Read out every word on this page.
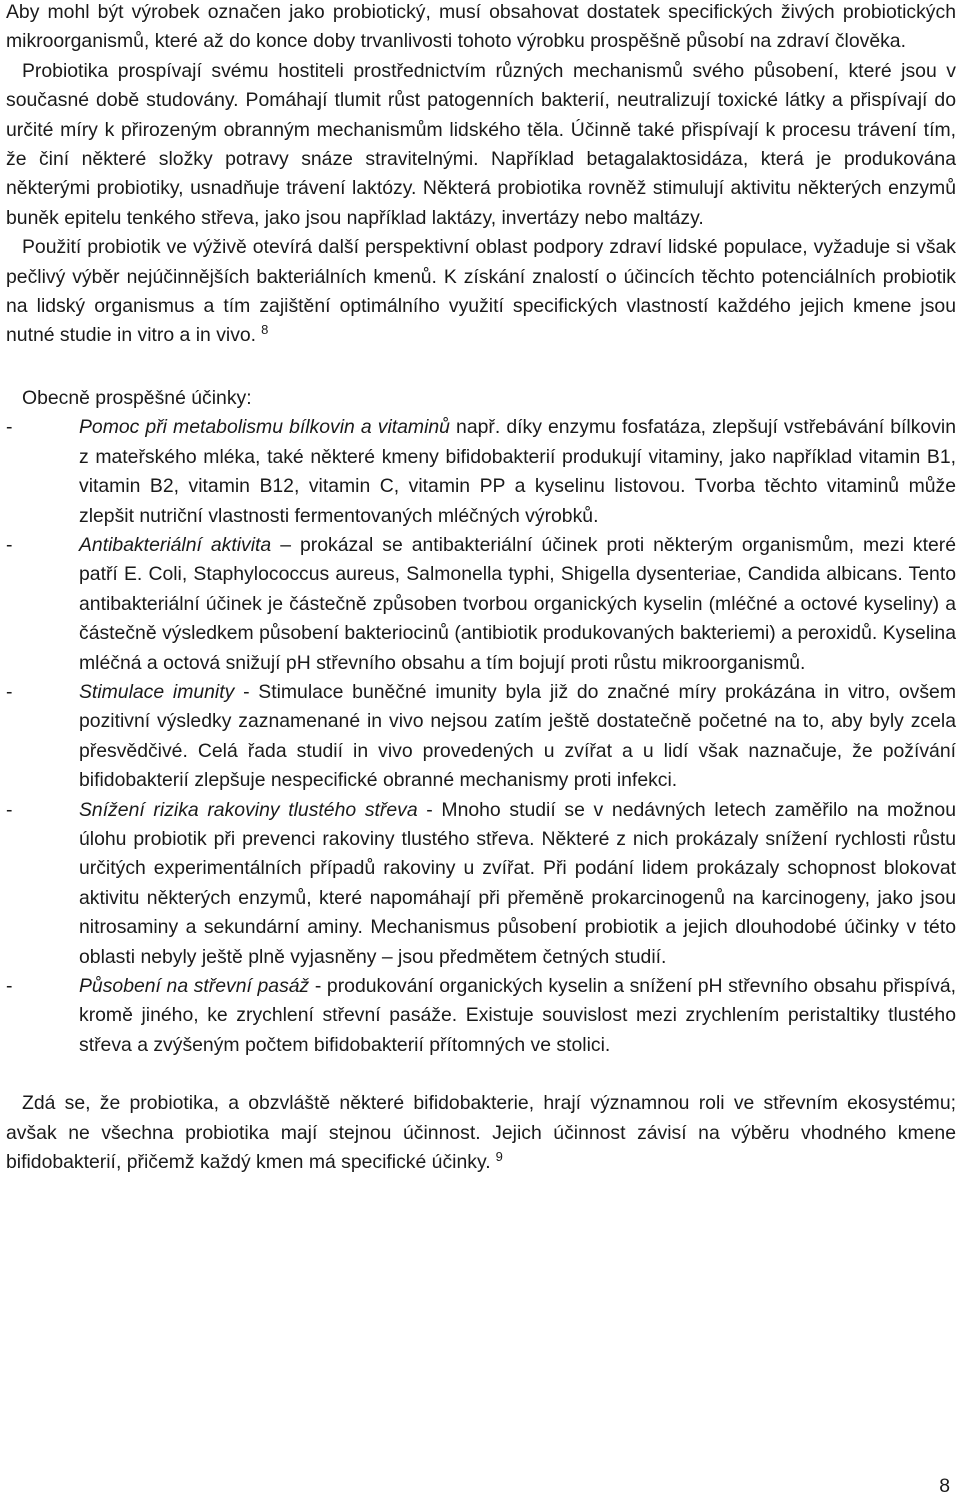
Aby mohl být výrobek označen jako probiotický, musí obsahovat dostatek specifických živých probiotických mikroorganismů, které až do konce doby trvanlivosti tohoto výrobku prospěšně působí na zdraví člověka.

Probiotika prospívají svému hostiteli prostřednictvím různých mechanismů svého působení, které jsou v současné době studovány. Pomáhají tlumit růst patogenních bakterií, neutralizují toxické látky a přispívají do určité míry k přirozeným obranným mechanismům lidského těla. Účinně také přispívají k procesu trávení tím, že činí některé složky potravy snáze stravitelnými. Například betagalaktosidáza, která je produkována některými probiotiky, usnadňuje trávení laktózy. Některá probiotika rovněž stimulují aktivitu některých enzymů buněk epitelu tenkého střeva, jako jsou například laktázy, invertázy nebo maltázy.

Použití probiotik ve výživě otevírá další perspektivní oblast podpory zdraví lidské populace, vyžaduje si však pečlivý výběr nejúčinnějších bakteriálních kmenů. K získání znalostí o účincích těchto potenciálních probiotik na lidský organismus a tím zajištění optimálního využití specifických vlastností každého jejich kmene jsou nutné studie in vitro a in vivo. $^8$

Obecně prospěšné účinky:

-	Pomoc při metabolismu bílkovin a vitaminů např. díky enzymu fosfatáza, zlepšují vstřebávání bílkovin z mateřského mléka, také některé kmeny bifidobakterií produkují vitaminy, jako například vitamin B1, vitamin B2, vitamin B12, vitamin C, vitamin PP a kyselinu listovou. Tvorba těchto vitaminů může zlepšit nutriční vlastnosti fermentovaných mléčných výrobků.
-	Antibakteriální aktivita – prokázal se antibakteriální účinek proti některým organismům, mezi které patří E. Coli, Staphylococcus aureus, Salmonella typhi, Shigella dysenteriae, Candida albicans. Tento antibakteriální účinek je částečně způsoben tvorbou organických kyselin (mléčné a octové kyseliny) a částečně výsledkem působení bakteriocinů (antibiotik produkovaných bakteriemi) a peroxidů. Kyselina mléčná a octová snižují pH střevního obsahu a tím bojují proti růstu mikroorganismů.
-	Stimulace imunity - Stimulace buněčné imunity byla již do značné míry prokázána in vitro, ovšem pozitivní výsledky zaznamenané in vivo nejsou zatím ještě dostatečně početné na to, aby byly zcela přesvědčivé. Celá řada studií in vivo provedených u zvířat a u lidí však naznačuje, že požívání bifidobakterií zlepšuje nespecifické obranné mechanismy proti infekci.
-	Snížení rizika rakoviny tlustého střeva - Mnoho studií se v nedávných letech zaměřilo na možnou úlohu probiotik při prevenci rakoviny tlustého střeva. Některé z nich prokázaly snížení rychlosti růstu určitých experimentálních případů rakoviny u zvířat. Při podání lidem prokázaly schopnost blokovat aktivitu některých enzymů, které napomáhají při přeměně prokarcinogenů na karcinogeny, jako jsou nitrosaminy a sekundární aminy. Mechanismus působení probiotik a jejich dlouhodobé účinky v této oblasti nebyly ještě plně vyjasněny – jsou předmětem četných studií.
-	Působení na střevní pasáž - produkování organických kyselin a snížení pH střevního obsahu přispívá, kromě jiného, ke zrychlení střevní pasáže. Existuje souvislost mezi zrychlením peristaltiky tlustého střeva a zvýšeným počtem bifidobakterií přítomných ve stolici.

Zdá se, že probiotika, a obzvláště některé bifidobakterie, hrají významnou roli ve střevním ekosystému; avšak ne všechna probiotika mají stejnou účinnost. Jejich účinnost závisí na výběru vhodného kmene bifidobakterií, přičemž každý kmen má specifické účinky. $^9$

8
